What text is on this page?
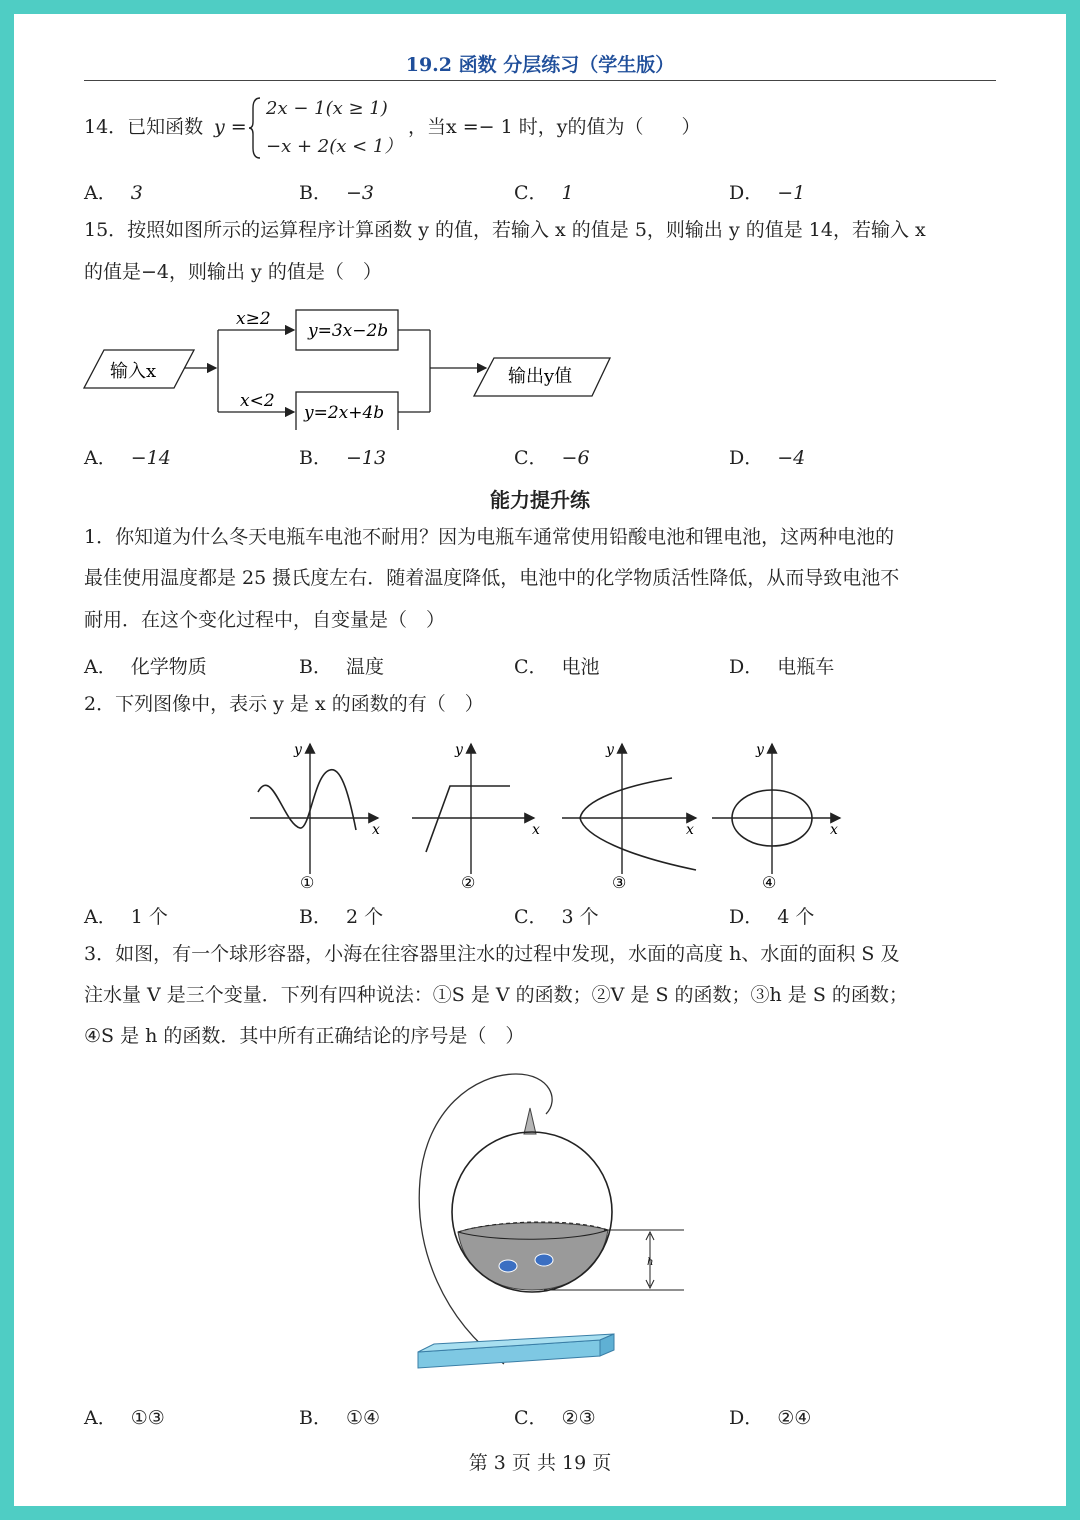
19.2 函数 分层练习（学生版）
14．已知函数 y =
2x − 1(x ≥ 1)
−x + 2(x < 1）
，当x =− 1 时，y的值为（　　）
A． 3	B． −3	C． 1	D． −1
15．按照如图所示的运算程序计算函数 y 的值，若输入 x 的值是 5，则输出 y 的值是 14，若输入 x
的值是−4，则输出 y 的值是（　）
输入x
x≥2
x<2
y=3x−2b
y=2x+4b
输出y值
A． −14	B． −13	C． −6	D． −4
能力提升练
1．你知道为什么冬天电瓶车电池不耐用？因为电瓶车通常使用铅酸电池和锂电池，这两种电池的
最佳使用温度都是 25 摄氏度左右．随着温度降低，电池中的化学物质活性降低，从而导致电池不
耐用．在这个变化过程中，自变量是（　）
A． 化学物质	B． 温度	C． 电池	D． 电瓶车
2．下列图像中，表示 y 是 x 的函数的有（　）
x
y
①
x
y
②
x
y
③
x
y
④
A． 1 个	B． 2 个	C． 3 个	D． 4 个
3．如图，有一个球形容器，小海在往容器里注水的过程中发现，水面的高度 h、水面的面积 S 及
注水量 V 是三个变量．下列有四种说法：①S 是 V 的函数；②V 是 S 的函数；③h 是 S 的函数；
④S 是 h 的函数．其中所有正确结论的序号是（　）
h
A． ①③	B． ①④	C． ②③	D． ②④
第 3 页 共 19 页
